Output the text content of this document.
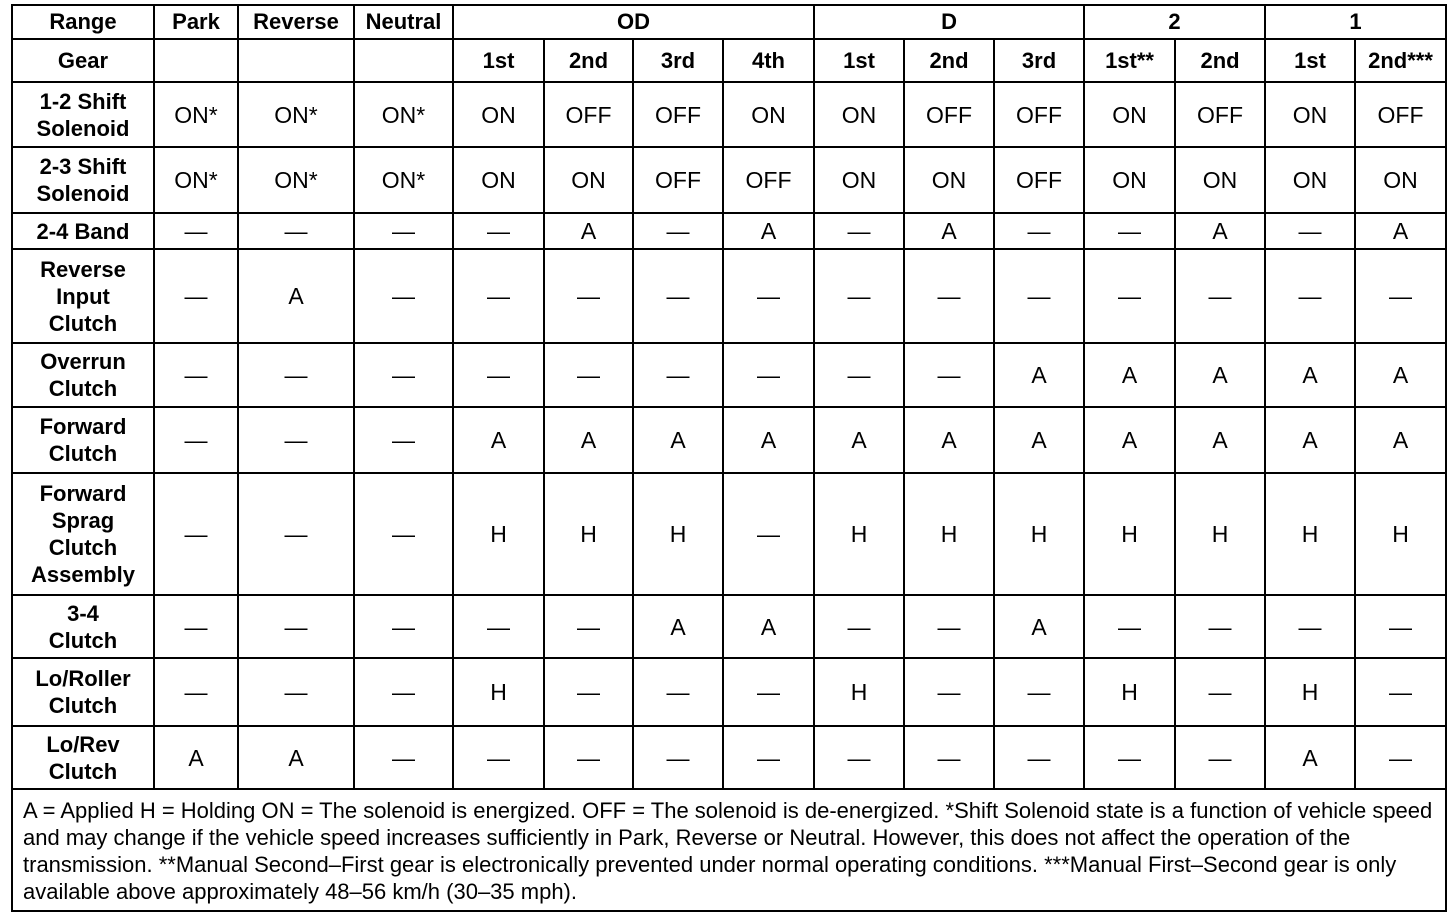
Range	Park	Reverse	Neutral	OD				D			2		1	
Gear				1st	2nd	3rd	4th	1st	2nd	3rd	1st**	2nd	1st	2nd***
1-2 Shift
Solenoid	ON*	ON*	ON*	ON	OFF	OFF	ON	ON	OFF	OFF	ON	OFF	ON	OFF
2-3 Shift
Solenoid	ON*	ON*	ON*	ON	ON	OFF	OFF	ON	ON	OFF	ON	ON	ON	ON
2-4 Band	—	—	—	—	A	—	A	—	A	—	—	A	—	A
Reverse
Input
Clutch	—	A	—	—	—	—	—	—	—	—	—	—	—	—
Overrun
Clutch	—	—	—	—	—	—	—	—	—	A	A	A	A	A
Forward
Clutch	—	—	—	A	A	A	A	A	A	A	A	A	A	A
Forward
Sprag
Clutch
Assembly	—	—	—	H	H	H	—	H	H	H	H	H	H	H
3-4
Clutch	—	—	—	—	—	A	A	—	—	A	—	—	—	—
Lo/Roller
Clutch	—	—	—	H	—	—	—	H	—	—	H	—	H	—
Lo/Rev
Clutch	A	A	—	—	—	—	—	—	—	—	—	—	A	—
A = Applied H = Holding ON = The solenoid is energized. OFF = The solenoid is de-energized. *Shift Solenoid state is a function of vehicle speed and may change if the vehicle speed increases sufficiently in Park, Reverse or Neutral. However, this does not affect the operation of the transmission. **Manual Second–First gear is electronically prevented under normal operating conditions. ***Manual First–Second gear is only available above approximately 48–56 km/h (30–35 mph).														
